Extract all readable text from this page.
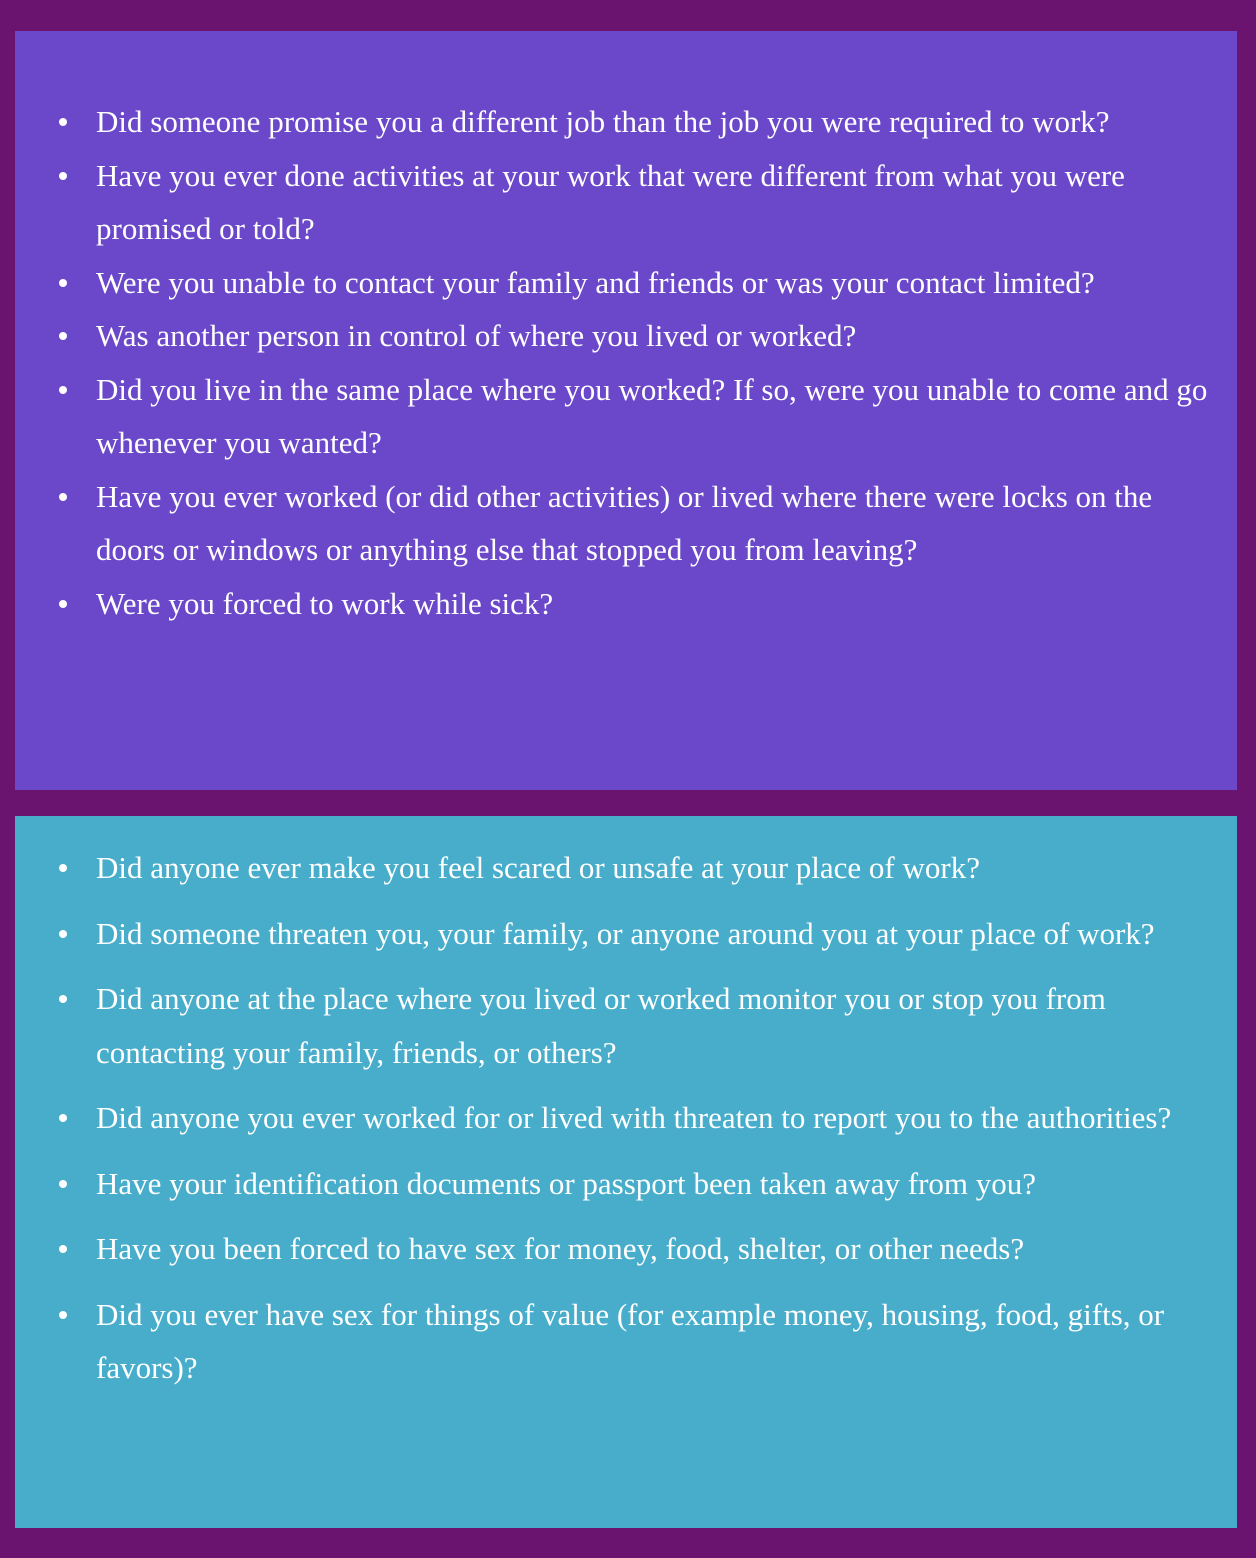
Did someone promise you a different job than the job you were required to work?
Have you ever done activities at your work that were different from what you were promised or told?
Were you unable to contact your family and friends or was your contact limited?
Was another person in control of where you lived or worked?
Did you live in the same place where you worked? If so, were you unable to come and go whenever you wanted?
Have you ever worked (or did other activities) or lived where there were locks on the doors or windows or anything else that stopped you from leaving?
Were you forced to work while sick?
Did anyone ever make you feel scared or unsafe at your place of work?
Did someone threaten you, your family, or anyone around you at your place of work?
Did anyone at the place where you lived or worked monitor you or stop you from contacting your family, friends, or others?
Did anyone you ever worked for or lived with threaten to report you to the authorities?
Have your identification documents or passport been taken away from you?
Have you been forced to have sex for money, food, shelter, or other needs?
Did you ever have sex for things of value (for example money, housing, food, gifts, or favors)?
